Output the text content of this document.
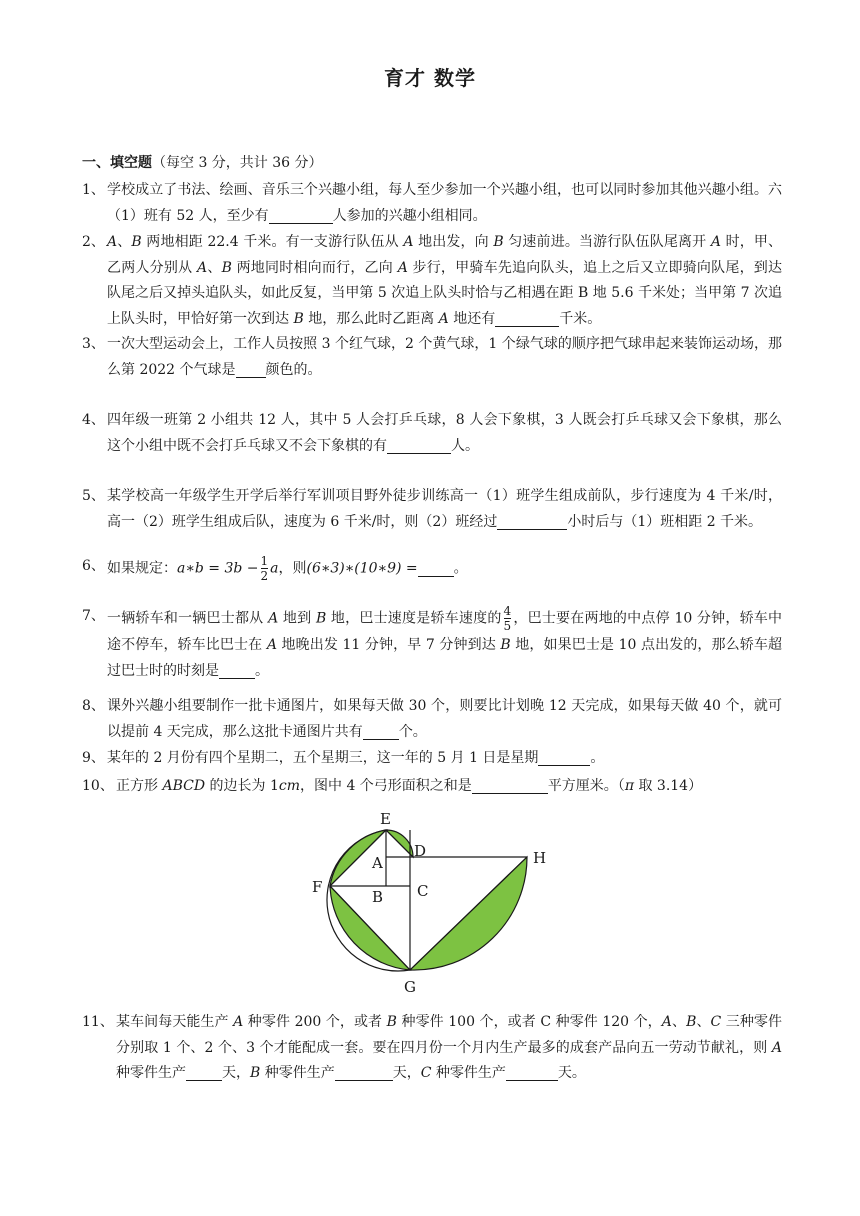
育才 数学
一、填空题（每空 3 分，共计 36 分）
1、 学校成立了书法、绘画、音乐三个兴趣小组，每人至少参加一个兴趣小组，也可以同时参加其他兴趣小组。六（1）班有 52 人，至少有	人参加的兴趣小组相同。
2、 A、B 两地相距 22.4 千米。有一支游行队伍从 A 地出发，向 B 匀速前进。当游行队伍队尾离开 A 时，甲、乙两人分别从 A、B 两地同时相向而行，乙向 A 步行，甲骑车先追向队头，追上之后又立即骑向队尾，到达队尾之后又掉头追队头，如此反复，当甲第 5 次追上队头时恰与乙相遇在距 B 地 5.6 千米处；当甲第 7 次追上队头时，甲恰好第一次到达 B 地，那么此时乙距离 A 地还有	千米。
3、 一次大型运动会上，工作人员按照 3 个红气球，2 个黄气球，1 个绿气球的顺序把气球串起来装饰运动场，那么第 2022 个气球是 颜色的。
4、 四年级一班第 2 小组共 12 人，其中 5 人会打乒乓球，8 人会下象棋，3 人既会打乒乓球又会下象棋，那么这个小组中既不会打乒乓球又不会下象棋的有	人。
5、 某学校高一年级学生开学后举行军训项目野外徒步训练高一（1）班学生组成前队，步行速度为 4 千米/时，高一（2）班学生组成后队，速度为 6 千米/时，则（2）班经过	小时后与（1）班相距 2 千米。
6、 如果规定：a∗b = $3b - \frac{1}{2}$ a，则(6∗3)∗(10∗9) =	。
7、 一辆轿车和一辆巴士都从 A 地到 B 地，巴士速度是轿车速度的 $\frac{4}{5}$ ，巴士要在两地的中点停 10 分钟，轿车中途不停车，轿车比巴士在 A 地晚出发 11 分钟，早 7 分钟到达 B 地，如果巴士是 10 点出发的，那么轿车超过巴士时的时刻是	。
8、 课外兴趣小组要制作一批卡通图片，如果每天做 30 个，则要比计划晚 12 天完成，如果每天做 40 个，就可以提前 4 天完成，那么这批卡通图片共有	个。
9、 某年的 2 月份有四个星期二，五个星期三，这一年的 5 月 1 日是星期	。
10、 正方形 ABCD 的边长为 1cm，图中 4 个弓形面积之和是	平方厘米。（π 取 3.14）
E
A
D	H
F
B C
G
11、 某车间每天能生产 A 种零件 200 个，或者 B 种零件 100 个，或者 C 种零件 120 个，A、B、C 三种零件分别取 1 个、2 个、3 个才能配成一套。要在四月份一个月内生产最多的成套产品向五一劳动节献礼，则 A 种零件生产	天，B 种零件生产	天，C 种零件生产	天。
